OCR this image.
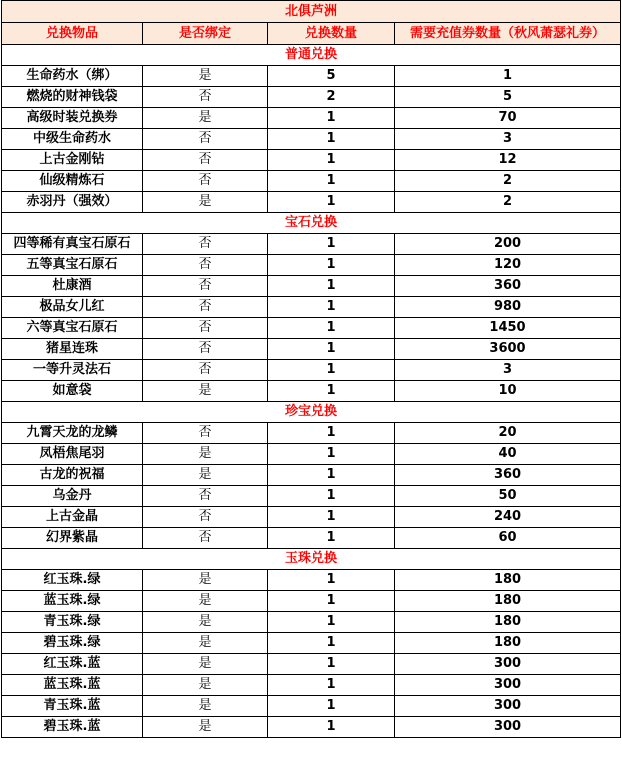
北俱芦洲			
兑换物品	是否绑定	兑换数量	需要充值券数量（秋风萧瑟礼券）
普通兑换			
生命药水（绑）	是	5	1
燃烧的财神钱袋	否	2	5
高级时装兑换券	是	1	70
中级生命药水	否	1	3
上古金刚钻	否	1	12
仙级精炼石	否	1	2
赤羽丹（强效）	是	1	2
宝石兑换			
四等稀有真宝石原石	否	1	200
五等真宝石原石	否	1	120
杜康酒	否	1	360
极品女儿红	否	1	980
六等真宝石原石	否	1	1450
猪星连珠	否	1	3600
一等升灵法石	否	1	3
如意袋	是	1	10
珍宝兑换			
九霄天龙的龙鳞	否	1	20
凤梧焦尾羽	是	1	40
古龙的祝福	是	1	360
乌金丹	否	1	50
上古金晶	否	1	240
幻界紫晶	否	1	60
玉珠兑换			
红玉珠.绿	是	1	180
蓝玉珠.绿	是	1	180
青玉珠.绿	是	1	180
碧玉珠.绿	是	1	180
红玉珠.蓝	是	1	300
蓝玉珠.蓝	是	1	300
青玉珠.蓝	是	1	300
碧玉珠.蓝	是	1	300
